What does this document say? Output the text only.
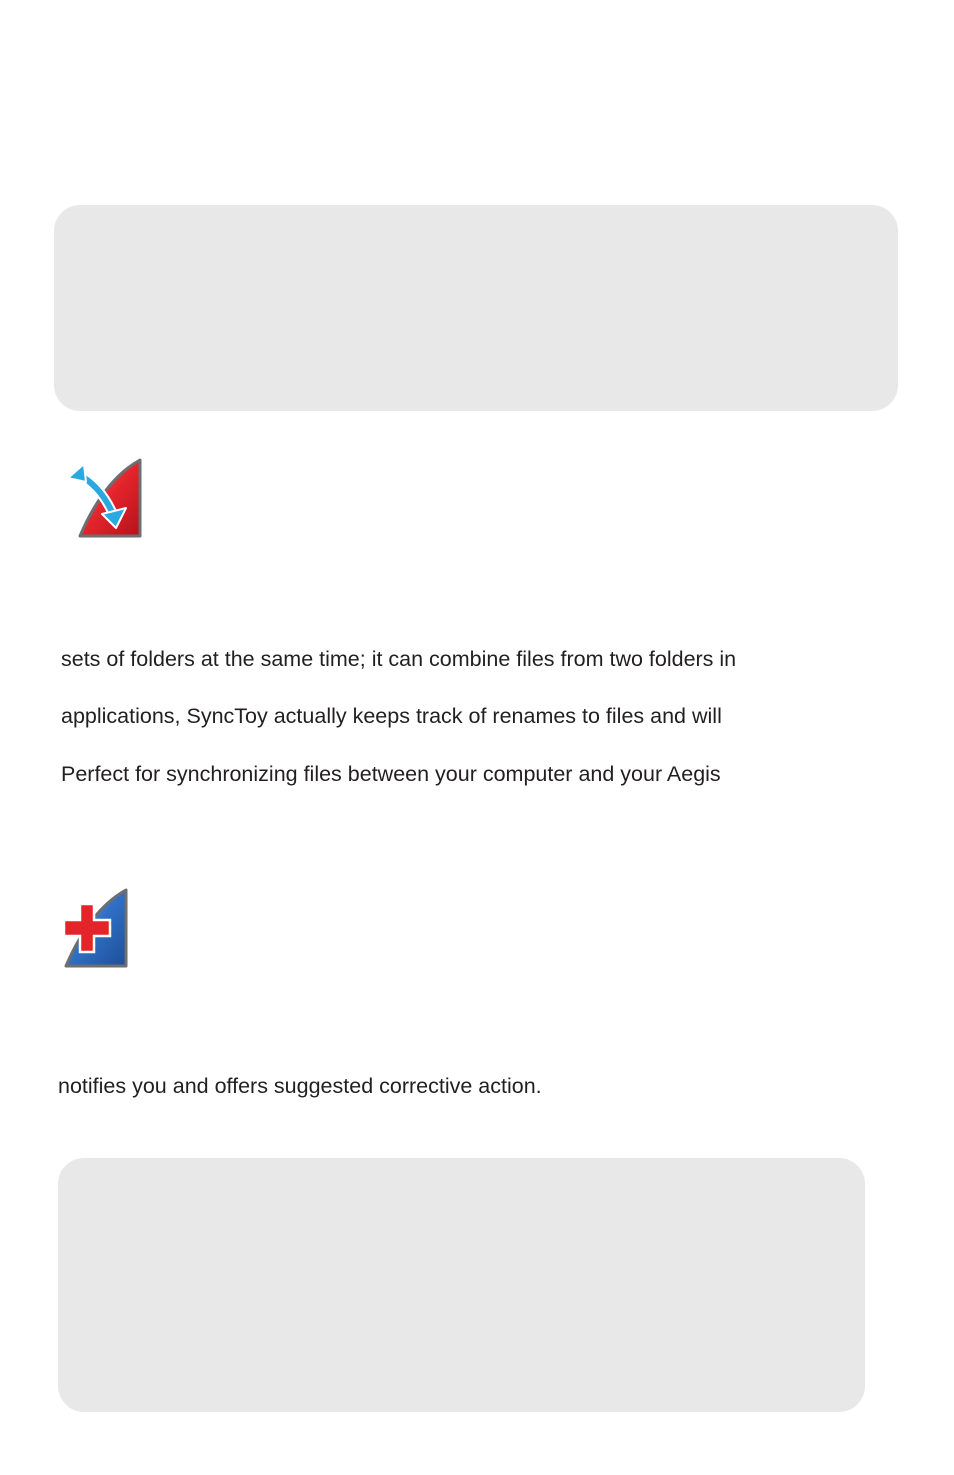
sets of folders at the same time; it can combine files from two folders in

applications, SyncToy actually keeps track of renames to files and will

Perfect for synchronizing files between your computer and your Aegis

notifies you and offers suggested corrective action.
